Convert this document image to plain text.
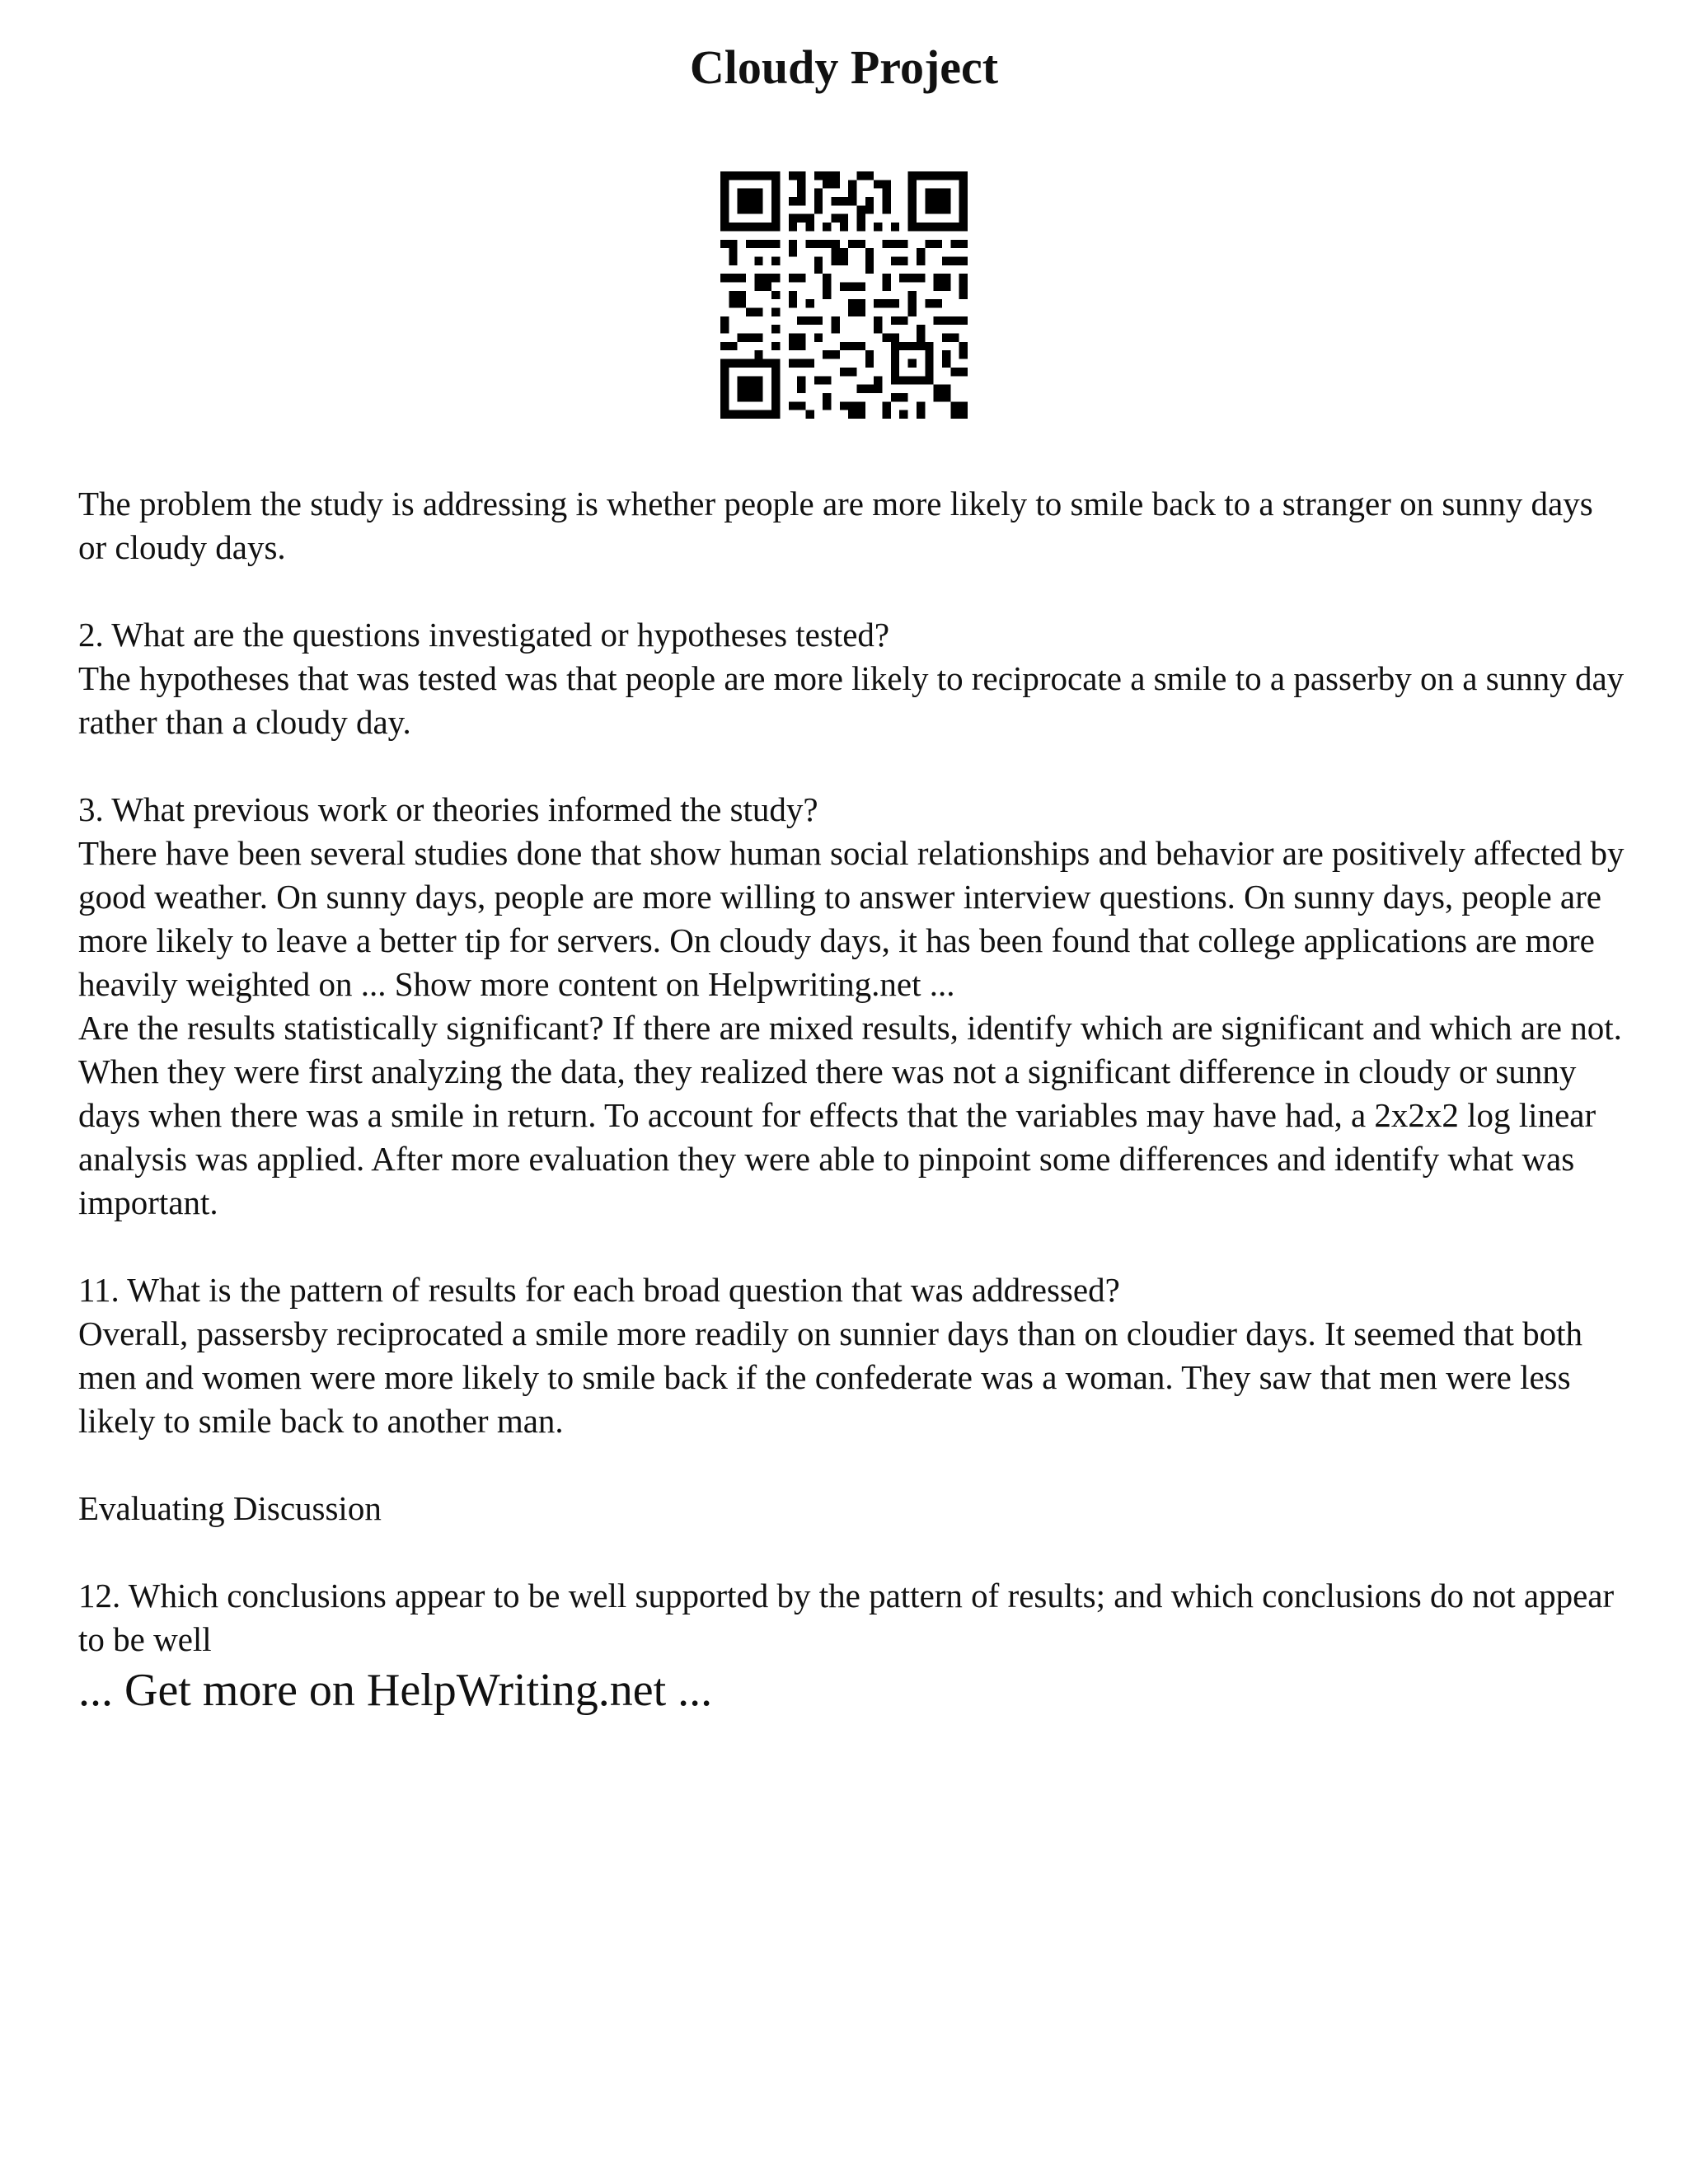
Cloudy Project

The problem the study is addressing is whether people are more likely to smile back to a stranger on sunny days or cloudy days.

2. What are the questions investigated or hypotheses tested?

The hypotheses that was tested was that people are more likely to reciprocate a smile to a passerby on a sunny day rather than a cloudy day.

3. What previous work or theories informed the study?

There have been several studies done that show human social relationships and behavior are positively affected by good weather. On sunny days, people are more willing to answer interview questions. On sunny days, people are more likely to leave a better tip for servers. On cloudy days, it has been found that college applications are more heavily weighted on ... Show more content on Helpwriting.net ...

Are the results statistically significant? If there are mixed results, identify which are significant and which are not.

When they were first analyzing the data, they realized there was not a significant difference in cloudy or sunny days when there was a smile in return. To account for effects that the variables may have had, a 2x2x2 log linear analysis was applied. After more evaluation they were able to pinpoint some differences and identify what was important.

11. What is the pattern of results for each broad question that was addressed?

Overall, passersby reciprocated a smile more readily on sunnier days than on cloudier days. It seemed that both men and women were more likely to smile back if the confederate was a woman. They saw that men were less likely to smile back to another man.

Evaluating Discussion

12. Which conclusions appear to be well supported by the pattern of results; and which conclusions do not appear to be well

... Get more on HelpWriting.net ...
